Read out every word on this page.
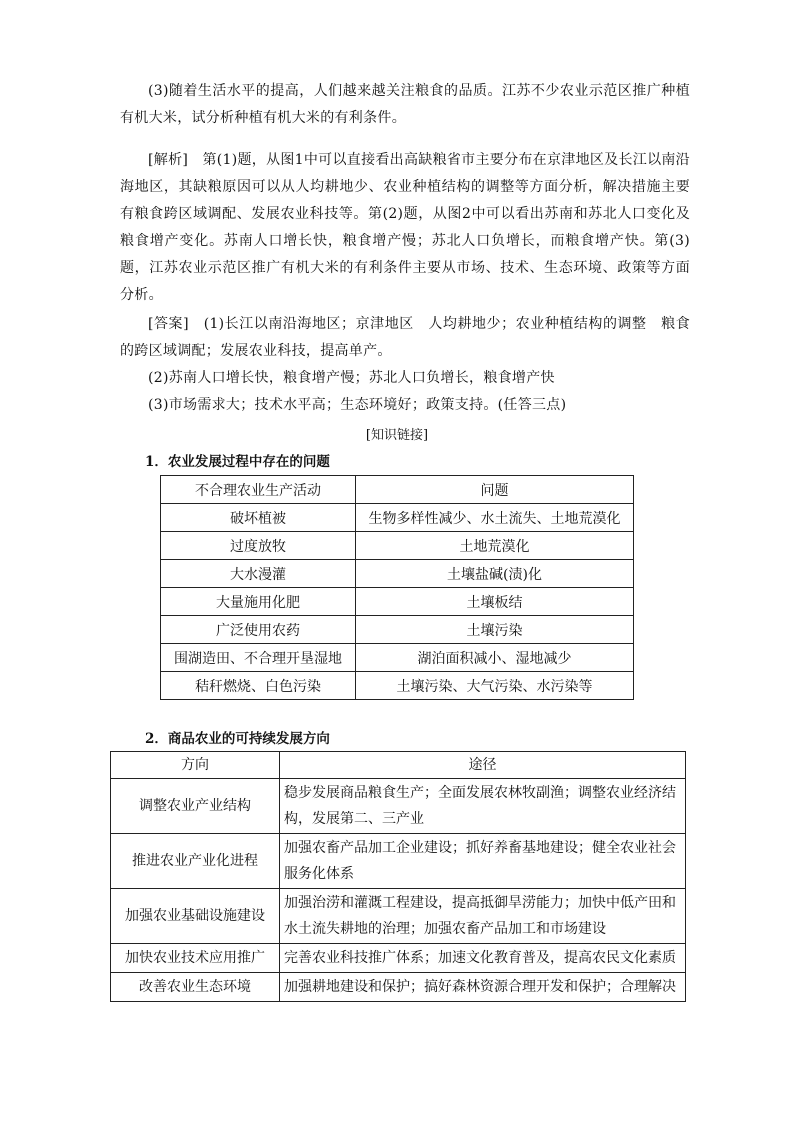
(3)随着生活水平的提高，人们越来越关注粮食的品质。江苏不少农业示范区推广种植有机大米，试分析种植有机大米的有利条件。

[解析]　 第(1)题，从图1中可以直接看出高缺粮省市主要分布在京津地区及长江以南沿海地区，其缺粮原因可以从人均耕地少、农业种植结构的调整等方面分析，解决措施主要有粮食跨区域调配、发展农业科技等。第(2)题，从图2中可以看出苏南和苏北人口变化及粮食增产变化。苏南人口增长快，粮食增产慢；苏北人口负增长，而粮食增产快。第(3)题，江苏农业示范区推广有机大米的有利条件主要从市场、技术、生态环境、政策等方面分析。

[答案]　 (1)长江以南沿海地区；京津地区　人均耕地少；农业种植结构的调整　粮食的跨区域调配；发展农业科技，提高单产。

(2)苏南人口增长快，粮食增产慢；苏北人口负增长，粮食增产快

(3)市场需求大；技术水平高；生态环境好；政策支持。(任答三点)

[知识链接]
1．农业发展过程中存在的问题
不合理农业生产活动	问题
破坏植被	生物多样性减少、水土流失、土地荒漠化
过度放牧	土地荒漠化
大水漫灌	土壤盐碱(渍)化
大量施用化肥	土壤板结
广泛使用农药	土壤污染
围湖造田、不合理开垦湿地	湖泊面积减小、湿地减少
秸秆燃烧、白色污染	土壤污染、大气污染、水污染等
2．商品农业的可持续发展方向
方向	途径
调整农业产业结构	稳步发展商品粮食生产；全面发展农林牧副渔；调整农业经济结构，发展第二、三产业
推进农业产业化进程	加强农畜产品加工企业建设；抓好养畜基地建设；健全农业社会服务化体系
加强农业基础设施建设	加强治涝和灌溉工程建设，提高抵御旱涝能力；加快中低产田和水土流失耕地的治理；加强农畜产品加工和市场建设
加快农业技术应用推广	完善农业科技推广体系；加速文化教育普及，提高农民文化素质
改善农业生态环境	加强耕地建设和保护；搞好森林资源合理开发和保护；合理解决
